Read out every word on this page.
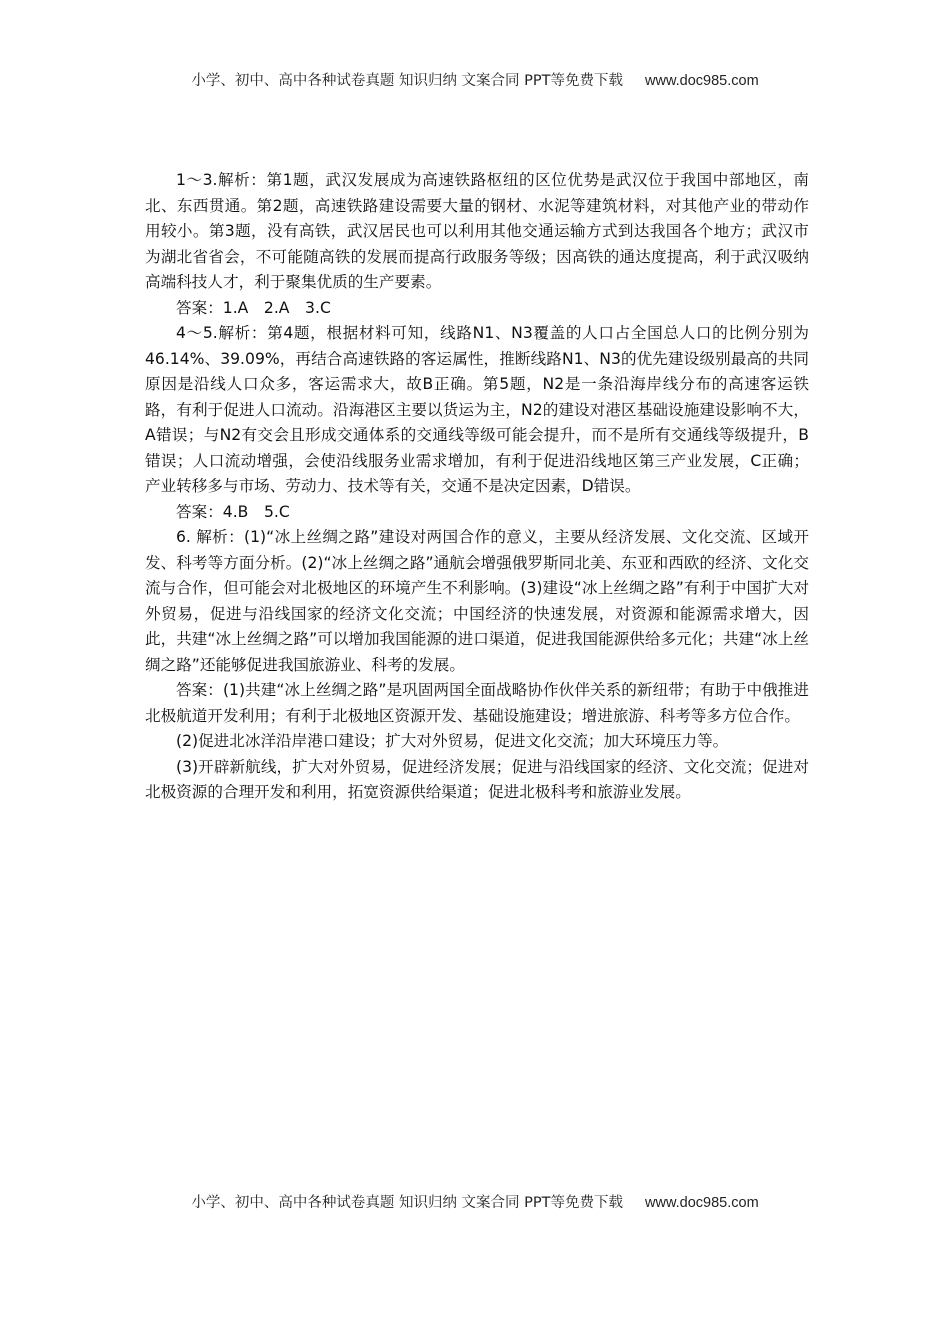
小学、初中、高中各种试卷真题 知识归纳 文案合同 PPT等免费下载 www.doc985.com

1～3.解析：第1题，武汉发展成为高速铁路枢纽的区位优势是武汉位于我国中部地区，南北、东西贯通。第2题，高速铁路建设需要大量的钢材、水泥等建筑材料，对其他产业的带动作用较小。第3题，没有高铁，武汉居民也可以利用其他交通运输方式到达我国各个地方；武汉市为湖北省省会，不可能随高铁的发展而提高行政服务等级；因高铁的通达度提高，利于武汉吸纳高端科技人才，利于聚集优质的生产要素。

答案：1.A　2.A　3.C

4～5.解析：第4题，根据材料可知，线路N1、N3覆盖的人口占全国总人口的比例分别为46.14%、39.09%，再结合高速铁路的客运属性，推断线路N1、N3的优先建设级别最高的共同原因是沿线人口众多，客运需求大，故B正确。第5题，N2是一条沿海岸线分布的高速客运铁路，有利于促进人口流动。沿海港区主要以货运为主，N2的建设对港区基础设施建设影响不大，A错误；与N2有交会且形成交通体系的交通线等级可能会提升，而不是所有交通线等级提升，B错误；人口流动增强，会使沿线服务业需求增加，有利于促进沿线地区第三产业发展，C正确；产业转移多与市场、劳动力、技术等有关，交通不是决定因素，D错误。

答案：4.B　5.C

6. 解析：(1)“冰上丝绸之路”建设对两国合作的意义，主要从经济发展、文化交流、区域开发、科考等方面分析。(2)“冰上丝绸之路”通航会增强俄罗斯同北美、东亚和西欧的经济、文化交流与合作，但可能会对北极地区的环境产生不利影响。(3)建设“冰上丝绸之路”有利于中国扩大对外贸易，促进与沿线国家的经济文化交流；中国经济的快速发展，对资源和能源需求增大，因此，共建“冰上丝绸之路”可以增加我国能源的进口渠道，促进我国能源供给多元化；共建“冰上丝绸之路”还能够促进我国旅游业、科考的发展。

答案：(1)共建“冰上丝绸之路”是巩固两国全面战略协作伙伴关系的新纽带；有助于中俄推进北极航道开发利用；有利于北极地区资源开发、基础设施建设；增进旅游、科考等多方位合作。

(2)促进北冰洋沿岸港口建设；扩大对外贸易，促进文化交流；加大环境压力等。

(3)开辟新航线，扩大对外贸易，促进经济发展；促进与沿线国家的经济、文化交流；促进对北极资源的合理开发和利用，拓宽资源供给渠道；促进北极科考和旅游业发展。

小学、初中、高中各种试卷真题 知识归纳 文案合同 PPT等免费下载 www.doc985.com
